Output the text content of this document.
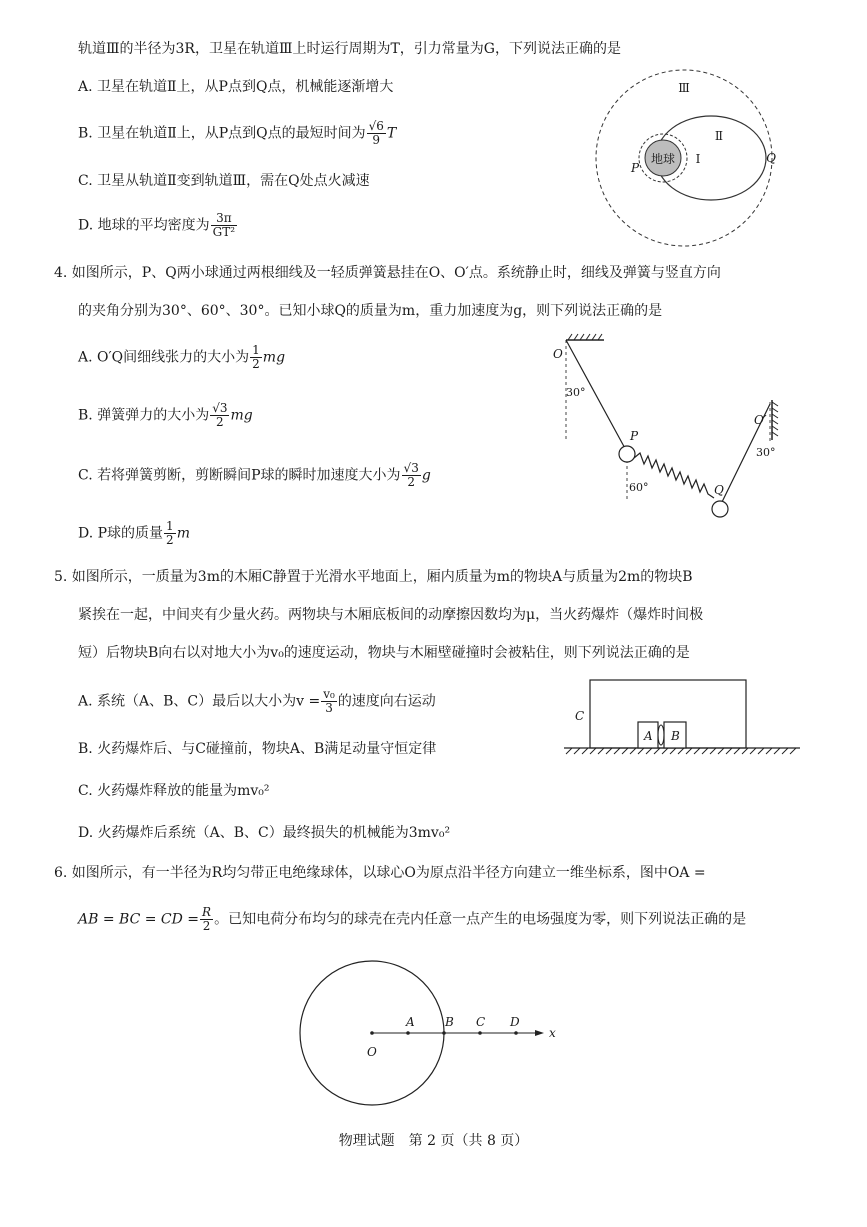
轨道Ⅲ的半径为3R，卫星在轨道Ⅲ上时运行周期为T，引力常量为G，下列说法正确的是
A. 卫星在轨道Ⅱ上，从P点到Q点，机械能逐渐增大
B. 卫星在轨道Ⅱ上，从P点到Q点的最短时间为 $\frac{√6}{9}$ T
C. 卫星从轨道Ⅱ变到轨道Ⅲ，需在Q处点火减速
D. 地球的平均密度为 $\frac{3\pi}{\text{GT²}}$
地球
Ⅲ
Ⅱ
Ⅰ
P
Q
4. 如图所示，P、Q两小球通过两根细线及一轻质弹簧悬挂在O、O′点。系统静止时，细线及弹簧与竖直方向
的夹角分别为30°、60°、30°。已知小球Q的质量为m，重力加速度为g，则下列说法正确的是
A. O′Q间细线张力的大小为 $\frac{1}{2}$ mg
B. 弹簧弹力的大小为 $\frac{√3}{2}$ mg
C. 若将弹簧剪断，剪断瞬间P球的瞬时加速度大小为 $\frac{√3}{2}$ g
D. P球的质量 $\frac{1}{2}$ m
O
30°
P
60°	Q
O′
30°
5. 如图所示，一质量为3m的木厢C静置于光滑水平地面上，厢内质量为m的物块A与质量为2m的物块B
紧挨在一起，中间夹有少量火药。两物块与木厢底板间的动摩擦因数均为μ，当火药爆炸（爆炸时间极
短）后物块B向右以对地大小为v₀的速度运动，物块与木厢壁碰撞时会被粘住，则下列说法正确的是
A. 系统（A、B、C）最后以大小为$v = \frac{\text{v₀}}{3}$ 的速度向右运动
B. 火药爆炸后、与C碰撞前，物块A、B满足动量守恒定律
C. 火药爆炸释放的能量为mv₀²
D. 火药爆炸后系统（A、B、C）最终损失的机械能为3mv₀²
C
A B
6. 如图所示，有一半径为R均匀带正电绝缘球体，以球心O为原点沿半径方向建立一维坐标系，图中OA =
AB = BC = CD = $\frac{R}{2}$ 。已知电荷分布均匀的球壳在壳内任意一点产生的电场强度为零，则下列说法正确的是
O
A	B C D
x
物理试题　第 2 页（共 8 页）
